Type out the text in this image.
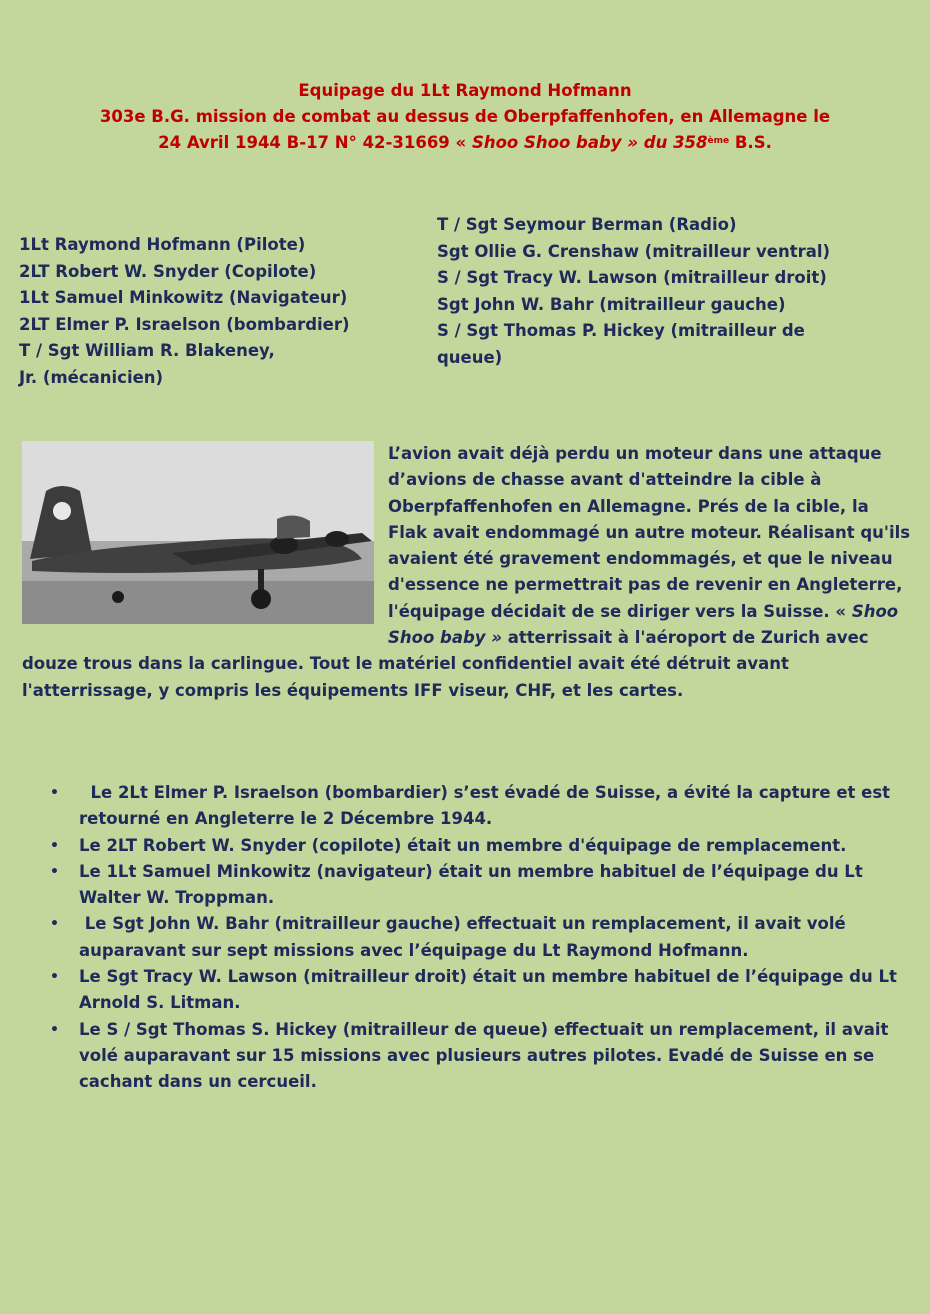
Equipage du 1Lt Raymond Hofmann
303e B.G. mission de combat au dessus de Oberpfaffenhofen, en Allemagne le
24 Avril 1944 B-17 N° 42-31669 « Shoo Shoo baby » du 358ème B.S.
1Lt Raymond Hofmann (Pilote)
2LT Robert W. Snyder (Copilote)
1Lt Samuel Minkowitz (Navigateur)
2LT Elmer P. Israelson (bombardier)
T / Sgt William R. Blakeney,
Jr. (mécanicien)
T / Sgt Seymour Berman (Radio)
Sgt Ollie G. Crenshaw (mitrailleur ventral)
S / Sgt Tracy W. Lawson (mitrailleur droit)
Sgt John W. Bahr (mitrailleur gauche)
S / Sgt Thomas P. Hickey (mitrailleur de
queue)
L’avion avait déjà perdu un moteur dans une attaque d’avions de chasse avant d'atteindre la cible à Oberpfaffenhofen en Allemagne. Prés de la cible, la Flak avait endommagé un autre moteur. Réalisant qu'ils avaient été gravement endommagés, et que le niveau d'essence ne permettrait pas de revenir en Angleterre, l'équipage décidait de se diriger vers la Suisse. « Shoo Shoo baby » atterrissait à l'aéroport de Zurich avec douze trous dans la carlingue. Tout le matériel confidentiel avait été détruit avant l'atterrissage, y compris les équipements IFF viseur, CHF, et les cartes.
• Le 2Lt Elmer P. Israelson (bombardier) s’est évadé de Suisse, a évité la capture et est retourné en Angleterre le 2 Décembre 1944.
• Le 2LT Robert W. Snyder (copilote) était un membre d'équipage de remplacement.
• Le 1Lt Samuel Minkowitz (navigateur) était un membre habituel de l’équipage du Lt Walter W. Troppman.
• Le Sgt John W. Bahr (mitrailleur gauche) effectuait un remplacement, il avait volé auparavant sur sept missions avec l’équipage du Lt Raymond Hofmann.
• Le Sgt Tracy W. Lawson (mitrailleur droit) était un membre habituel de l’équipage du Lt Arnold S. Litman.
• Le S / Sgt Thomas S. Hickey (mitrailleur de queue) effectuait un remplacement, il avait volé auparavant sur 15 missions avec plusieurs autres pilotes. Evadé de Suisse en se cachant dans un cercueil.
